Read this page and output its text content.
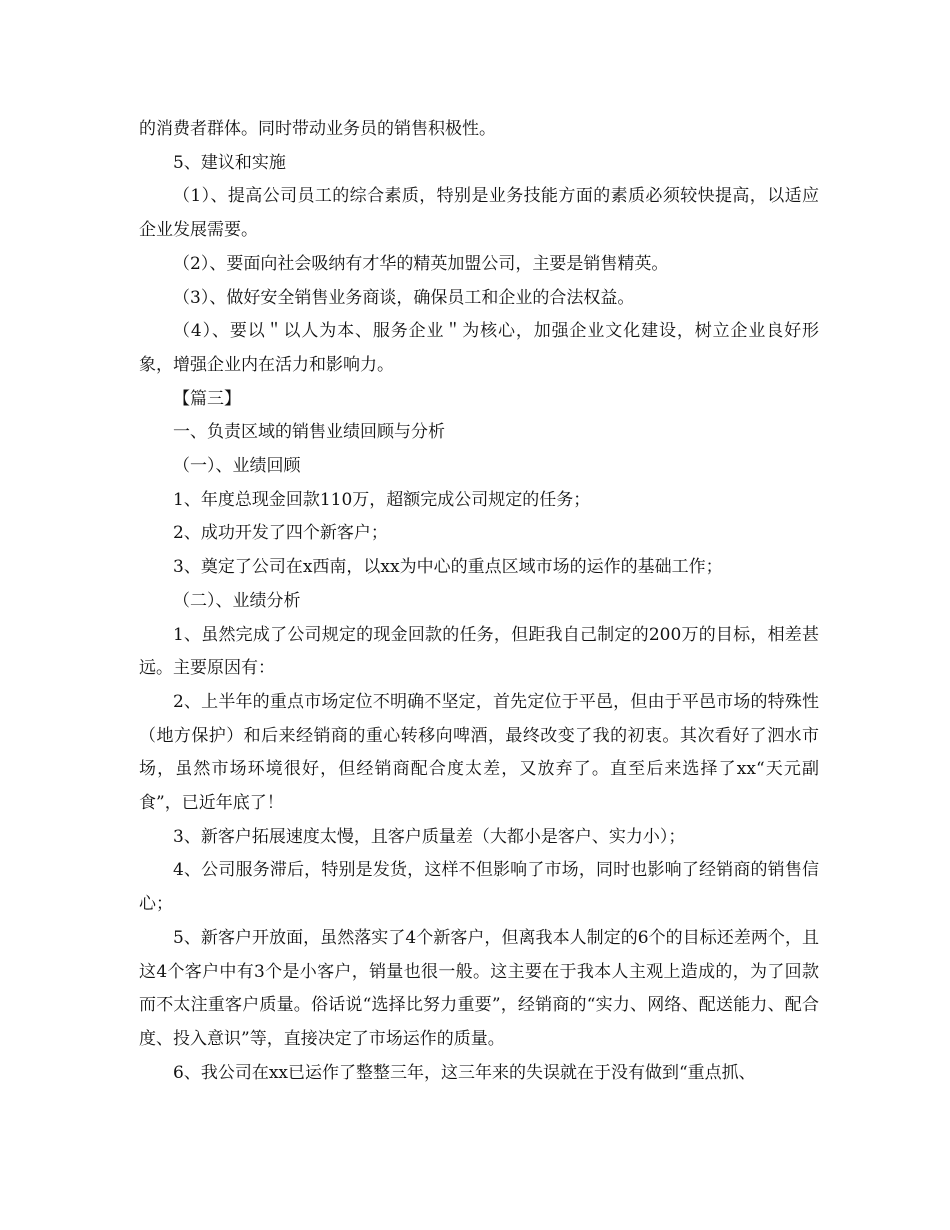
的消费者群体。同时带动业务员的销售积极性。

5、建议和实施

（1）、提高公司员工的综合素质，特别是业务技能方面的素质必须较快提高，以适应企业发展需要。

（2）、要面向社会吸纳有才华的精英加盟公司，主要是销售精英。

（3）、做好安全销售业务商谈，确保员工和企业的合法权益。

（4）、要以＂以人为本、服务企业＂为核心，加强企业文化建设，树立企业良好形象，增强企业内在活力和影响力。

【篇三】

一、负责区域的销售业绩回顾与分析

（一）、业绩回顾

1、年度总现金回款110万，超额完成公司规定的任务；

2、成功开发了四个新客户；

3、奠定了公司在x西南，以xx为中心的重点区域市场的运作的基础工作；

（二）、业绩分析

1、虽然完成了公司规定的现金回款的任务，但距我自己制定的200万的目标，相差甚远。主要原因有：

2、上半年的重点市场定位不明确不坚定，首先定位于平邑，但由于平邑市场的特殊性（地方保护）和后来经销商的重心转移向啤酒，最终改变了我的初衷。其次看好了泗水市场，虽然市场环境很好，但经销商配合度太差，又放弃了。直至后来选择了xx“天元副食”，已近年底了！

3、新客户拓展速度太慢，且客户质量差（大都小是客户、实力小）；

4、公司服务滞后，特别是发货，这样不但影响了市场，同时也影响了经销商的销售信心；

5、新客户开放面，虽然落实了4个新客户，但离我本人制定的6个的目标还差两个，且这4个客户中有3个是小客户，销量也很一般。这主要在于我本人主观上造成的，为了回款而不太注重客户质量。俗话说“选择比努力重要”，经销商的“实力、网络、配送能力、配合度、投入意识”等，直接决定了市场运作的质量。

6、我公司在xx已运作了整整三年，这三年来的失误就在于没有做到“重点抓、
